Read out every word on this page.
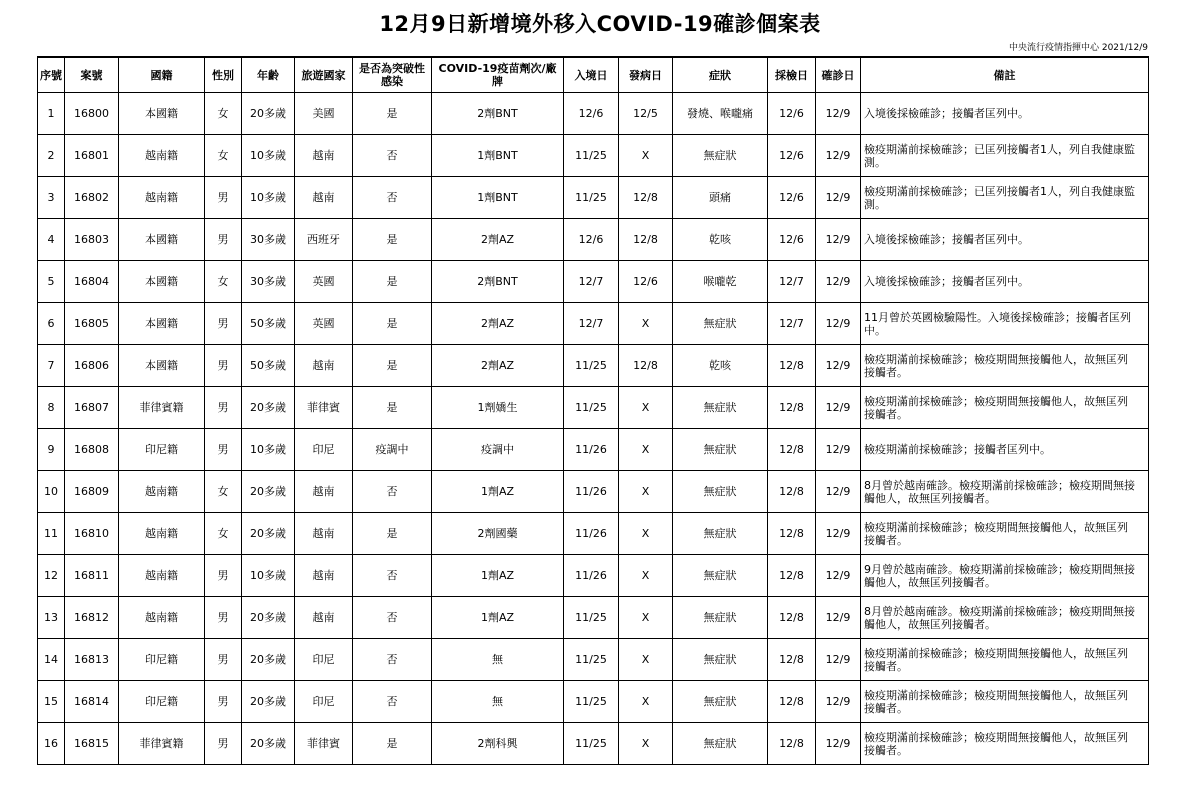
12月9日新增境外移入COVID-19確診個案表
中央流行疫情指揮中心 2021/12/9
序號	案號	國籍	性別	年齡	旅遊國家	是否為突破性感染	COVID-19疫苗劑次/廠牌	入境日	發病日	症狀	採檢日	確診日	備註
1	16800	本國籍	女	20多歲	美國	是	2劑BNT	12/6	12/5	發燒、喉嚨痛	12/6	12/9	入境後採檢確診；接觸者匡列中。
2	16801	越南籍	女	10多歲	越南	否	1劑BNT	11/25	X	無症狀	12/6	12/9	檢疫期滿前採檢確診；已匡列接觸者1人，列自我健康監測。
3	16802	越南籍	男	10多歲	越南	否	1劑BNT	11/25	12/8	頭痛	12/6	12/9	檢疫期滿前採檢確診；已匡列接觸者1人，列自我健康監測。
4	16803	本國籍	男	30多歲	西班牙	是	2劑AZ	12/6	12/8	乾咳	12/6	12/9	入境後採檢確診；接觸者匡列中。
5	16804	本國籍	女	30多歲	英國	是	2劑BNT	12/7	12/6	喉嚨乾	12/7	12/9	入境後採檢確診；接觸者匡列中。
6	16805	本國籍	男	50多歲	英國	是	2劑AZ	12/7	X	無症狀	12/7	12/9	11月曾於英國檢驗陽性。入境後採檢確診；接觸者匡列中。
7	16806	本國籍	男	50多歲	越南	是	2劑AZ	11/25	12/8	乾咳	12/8	12/9	檢疫期滿前採檢確診；檢疫期間無接觸他人，故無匡列接觸者。
8	16807	菲律賓籍	男	20多歲	菲律賓	是	1劑嬌生	11/25	X	無症狀	12/8	12/9	檢疫期滿前採檢確診；檢疫期間無接觸他人，故無匡列接觸者。
9	16808	印尼籍	男	10多歲	印尼	疫調中	疫調中	11/26	X	無症狀	12/8	12/9	檢疫期滿前採檢確診；接觸者匡列中。
10	16809	越南籍	女	20多歲	越南	否	1劑AZ	11/26	X	無症狀	12/8	12/9	8月曾於越南確診。檢疫期滿前採檢確診；檢疫期間無接觸他人，故無匡列接觸者。
11	16810	越南籍	女	20多歲	越南	是	2劑國藥	11/26	X	無症狀	12/8	12/9	檢疫期滿前採檢確診；檢疫期間無接觸他人，故無匡列接觸者。
12	16811	越南籍	男	10多歲	越南	否	1劑AZ	11/26	X	無症狀	12/8	12/9	9月曾於越南確診。檢疫期滿前採檢確診；檢疫期間無接觸他人，故無匡列接觸者。
13	16812	越南籍	男	20多歲	越南	否	1劑AZ	11/25	X	無症狀	12/8	12/9	8月曾於越南確診。檢疫期滿前採檢確診；檢疫期間無接觸他人，故無匡列接觸者。
14	16813	印尼籍	男	20多歲	印尼	否	無	11/25	X	無症狀	12/8	12/9	檢疫期滿前採檢確診；檢疫期間無接觸他人，故無匡列接觸者。
15	16814	印尼籍	男	20多歲	印尼	否	無	11/25	X	無症狀	12/8	12/9	檢疫期滿前採檢確診；檢疫期間無接觸他人，故無匡列接觸者。
16	16815	菲律賓籍	男	20多歲	菲律賓	是	2劑科興	11/25	X	無症狀	12/8	12/9	檢疫期滿前採檢確診；檢疫期間無接觸他人，故無匡列接觸者。
